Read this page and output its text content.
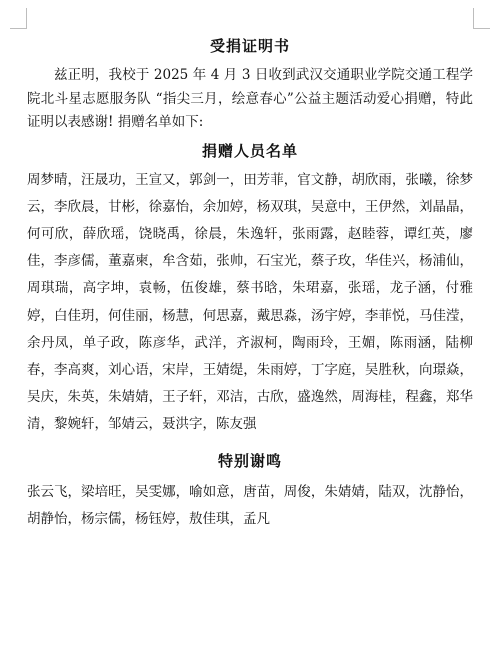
受捐证明书

兹正明，我校于 2025 年 4 月 3 日收到武汉交通职业学院交通工程学院北斗星志愿服务队 “指尖三月，绘意春心”公益主题活动爱心捐赠，特此证明以表感谢! 捐赠名单如下:

捐赠人员名单

周梦晴，汪晟功，王宣又，郭剑一，田芳菲，官文静，胡欣雨，张曦，徐梦云，李欣晨，甘彬，徐嘉怡，余加婷，杨双琪，吴意中，王伊然，刘晶晶，何可欣，薛欣瑶，饶晓禹，徐晨，朱逸轩，张雨露，赵睦蓉，谭红英，廖佳，李彦儒，董嘉柬，牟含茹，张帅，石宝光，蔡子玫，华佳兴，杨浦仙，周琪瑞，高字坤，袁畅，伍俊雄，蔡书晗，朱珺嘉，张瑶，龙子涵，付雅婷，白佳玥，何佳丽，杨慧，何思嘉，戴思淼，汤宇婷，李菲悦，马佳滢，余丹凤，单子政，陈彦华，武洋，齐淑柯，陶雨玲，王媚，陈雨涵，陆柳春，李高爽，刘心语，宋岸，王婧缇，朱雨婷，丁字庭，吴胜秋，向璟焱，吴庆，朱英，朱婧婧，王子轩，邓洁，古欣，盛逸然，周海桂，程鑫，郑华清，黎婉轩，邹婧云，聂洪字，陈友强

特别谢鸣

张云飞，梁培旺，吴雯娜，喻如意，唐苗，周俊，朱婧婧，陆双，沈静怡，胡静怡，杨宗儒，杨钰婷，敖佳琪，孟凡
